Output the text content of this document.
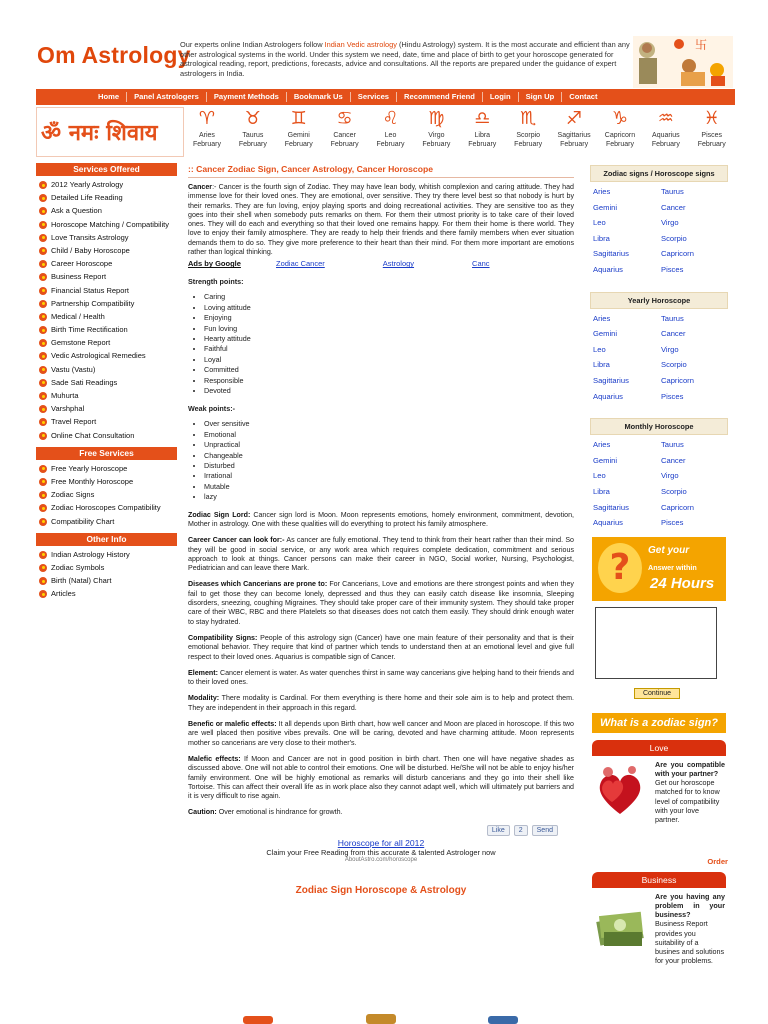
Om Astrology
Our experts online Indian Astrologers follow Indian Vedic astrology (Hindu Astrology) system. It is the most accurate and efficient than any other astrological systems in the world. Under this system we need, date, time and place of birth to get your horoscope generated for astrological reading, report, predictions, forecasts, advice and consultations. All the reports are prepared under the guidance of expert astrologers in India.
卐
Home	Panel Astrologers	Payment Methods	Bookmark Us	Services	Recommend Friend	Login	Sign Up	Contact
ॐ नमः शिवाय
♈
Aries
February
♉
Taurus
February
♊
Gemini
February
♋
Cancer
February
♌
Leo
February
♍
Virgo
February
♎
Libra
February
♏
Scorpio
February
♐
Sagittarius
February
♑
Capricorn
February
♒
Aquarius
February
♓
Pisces
February
Services Offered
2012 Yearly Astrology
Detailed Life Reading
Ask a Question
Horoscope Matching / Compatibility
Love Transits Astrology
Child / Baby Horoscope
Career Horoscope
Business Report
Financial Status Report
Partnership Compatibility
Medical / Health
Birth Time Rectification
Gemstone Report
Vedic Astrological Remedies
Vastu (Vastu)
Sade Sati Readings
Muhurta
Varshphal
Travel Report
Online Chat Consultation
Free Services
Free Yearly Horoscope
Free Monthly Horoscope
Zodiac Signs
Zodiac Horoscopes Compatibility
Compatibility Chart
Other Info
Indian Astrology History
Zodiac Symbols
Birth (Natal) Chart
Articles
:: Cancer Zodiac Sign, Cancer Astrology, Cancer Horoscope
Cancer:- Cancer is the fourth sign of Zodiac. They may have lean body, whitish complexion and caring attitude. They had immense love for their loved ones. They are emotional, over sensitive. They try there level best so that nobody is hurt by their remarks. They are fun loving, enjoy playing sports and doing recreational activities. They are sensitive too as they goes into their shell when somebody puts remarks on them. For them their utmost priority is to take care of their loved ones. They will do each and everything so that their loved one remains happy. For them their home is there world. They love to enjoy their family atmosphere. They are ready to help their friends and there family members when ever situation demands them to do so. They give more preference to their heart than their mind. For them more important are emotions rather than logical thinking.
Ads by Google	Zodiac Cancer	Astrology	Canc
Strength points:
• Caring
• Loving attitude
• Enjoying
• Fun loving
• Hearty attitude
• Faithful
• Loyal
• Committed
• Responsible
• Devoted
Weak points:-
• Over sensitive
• Emotional
• Unpractical
• Changeable
• Disturbed
• Irrational
• Mutable
• lazy
Zodiac Sign Lord: Cancer sign lord is Moon. Moon represents emotions, homely environment, commitment, devotion, Mother in astrology. One with these qualities will do everything to protect his family atmosphere.
Career Cancer can look for:- As cancer are fully emotional. They tend to think from their heart rather than their mind. So they will be good in social service, or any work area which requires complete dedication, commitment and serious approach to look at things. Cancer persons can make their career in NGO, Social worker, Nursing, Psychologist, Pediatrician and can leave there Mark.
Diseases which Cancerians are prone to: For Cancerians, Love and emotions are there strongest points and when they fail to get those they can become lonely, depressed and thus they can easily catch disease like insomnia, Sleeping disorders, sneezing, coughing Migraines. They should take proper care of their immunity system. They should take proper care of their WBC, RBC and there Platelets so that diseases does not catch them easily. They should drink enough water to stay hydrated.
Compatibility Signs: People of this astrology sign (Cancer) have one main feature of their personality and that is their emotional behavior. They require that kind of partner which tends to understand then at an emotional level and give full respect to their loved ones. Aquarius is compatible sign of Cancer.
Element: Cancer element is water. As water quenches thirst in same way cancerians give helping hand to their friends and to their loved ones.
Modality: There modality is Cardinal. For them everything is there home and their sole aim is to help and protect them. They are independent in their approach in this regard.
Benefic or malefic effects: It all depends upon Birth chart, how well cancer and Moon are placed in horoscope. If this two are well placed then positive vibes prevails. One will be caring, devoted and have charming attitude. Moon represents mother so cancerians are very close to their mother's.
Malefic effects: If Moon and Cancer are not in good position in birth chart. Then one will have negative shades as discussed above. One will not able to control their emotions. One will be disturbed. He/She will not be able to enjoy his/her family environment. One will be highly emotional as remarks will disturb cancerians and they go into their shell like Tortoise. This can affect their overall life as in work place also they cannot adapt well, which will ultimately put barriers and it is very difficult to rise again.
Caution: Over emotional is hindrance for growth.
Like	2	Send
Horoscope for all 2012
Claim your Free Reading from this accurate & talented Astrologer now
AboutAstro.com/horoscope
Zodiac Sign Horoscope & Astrology
Zodiac signs / Horoscope signs
Aries	Taurus
Gemini	Cancer
Leo	Virgo
Libra	Scorpio
Sagittarius	Capricorn
Aquarius	Pisces
Yearly Horoscope
Aries	Taurus
Gemini	Cancer
Leo	Virgo
Libra	Scorpio
Sagittarius	Capricorn
Aquarius	Pisces
Monthly Horoscope
Aries	Taurus
Gemini	Cancer
Leo	Virgo
Libra	Scorpio
Sagittarius	Capricorn
Aquarius	Pisces
?	Get your
Answer within
24 Hours
Continue
What is a zodiac sign?
Love
Are you compatible with your partner?
Get our horoscope matched for to know level of compatibility with your love partner.
Order
Business
Are you having any problem in your business?
Business Report provides you suitability of a busines and solutions for your problems.
